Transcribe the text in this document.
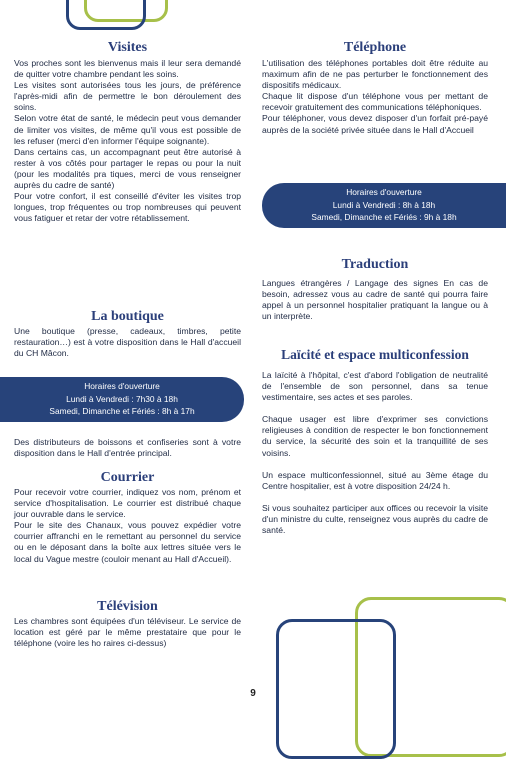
Visites

Vos proches sont les bienvenus mais il leur sera demandé de quitter votre chambre pendant les soins.

Les visites sont autorisées tous les jours, de préférence l'après-midi afin de permettre le bon déroulement des soins.

Selon votre état de santé, le médecin peut vous demander de limiter vos visites, de même qu'il vous est possible de les refuser (merci d'en informer l'équipe soignante).

Dans certains cas, un accompagnant peut être autorisé à rester à vos côtés pour partager le repas ou pour la nuit (pour les modalités pra tiques, merci de vous renseigner auprès du cadre de santé)

Pour votre confort, il est conseillé d'éviter les visites trop longues, trop fréquentes ou trop nombreuses qui peuvent vous fatiguer et retar der votre rétablissement.

La boutique

Une boutique (presse, cadeaux, timbres, petite restauration…) est à votre disposition dans le Hall d'accueil du CH Mâcon.

Horaires d'ouverture
Lundi à Vendredi : 7h30 à 18h
Samedi, Dimanche et Fériés : 8h à 17h

Des distributeurs de boissons et confiseries sont à votre disposition dans le Hall d'entrée principal.

Courrier

Pour recevoir votre courrier, indiquez vos nom, prénom et service d'hospitalisation. Le courrier est distribué chaque jour ouvrable dans le service.

Pour le site des Chanaux, vous pouvez expédier votre courrier affranchi en le remettant au personnel du service ou en le déposant dans la boîte aux lettres située vers le local du Vague mestre (couloir menant au Hall d'Accueil).

Télévision

Les chambres sont équipées d'un téléviseur. Le service de location est géré par le même prestataire que pour le téléphone (voire les ho raires ci-dessus)

Téléphone

L'utilisation des téléphones portables doit être réduite au maximum afin de ne pas perturber le fonctionnement des dispositifs médicaux.

Chaque lit dispose d'un téléphone vous per mettant de recevoir gratuitement des communications téléphoniques.

Pour téléphoner, vous devez disposer d'un forfait pré-payé auprès de la société privée située dans le Hall d'Accueil

Horaires d'ouverture
Lundi à Vendredi : 8h à 18h
Samedi, Dimanche et Fériés : 9h à 18h
Traduction

Langues étrangères / Langage des signes En cas de besoin, adressez vous au cadre de santé qui pourra faire appel à un personnel hospitalier pratiquant la langue ou à un interprète.

Laïcité et espace multiconfession

La laïcité à l'hôpital, c'est d'abord l'obligation de neutralité de l'ensemble de son personnel, dans sa tenue vestimentaire, ses actes et ses paroles.

Chaque usager est libre d'exprimer ses convictions religieuses à condition de respecter le bon fonctionnement du service, la sécurité des soin et la tranquillité de ses voisins.

Un espace multiconfessionnel, situé au 3ème étage du Centre hospitalier, est à votre disposition 24/24 h.

Si vous souhaitez participer aux offices ou recevoir la visite d'un ministre du culte, renseignez vous auprès du cadre de santé.

9
